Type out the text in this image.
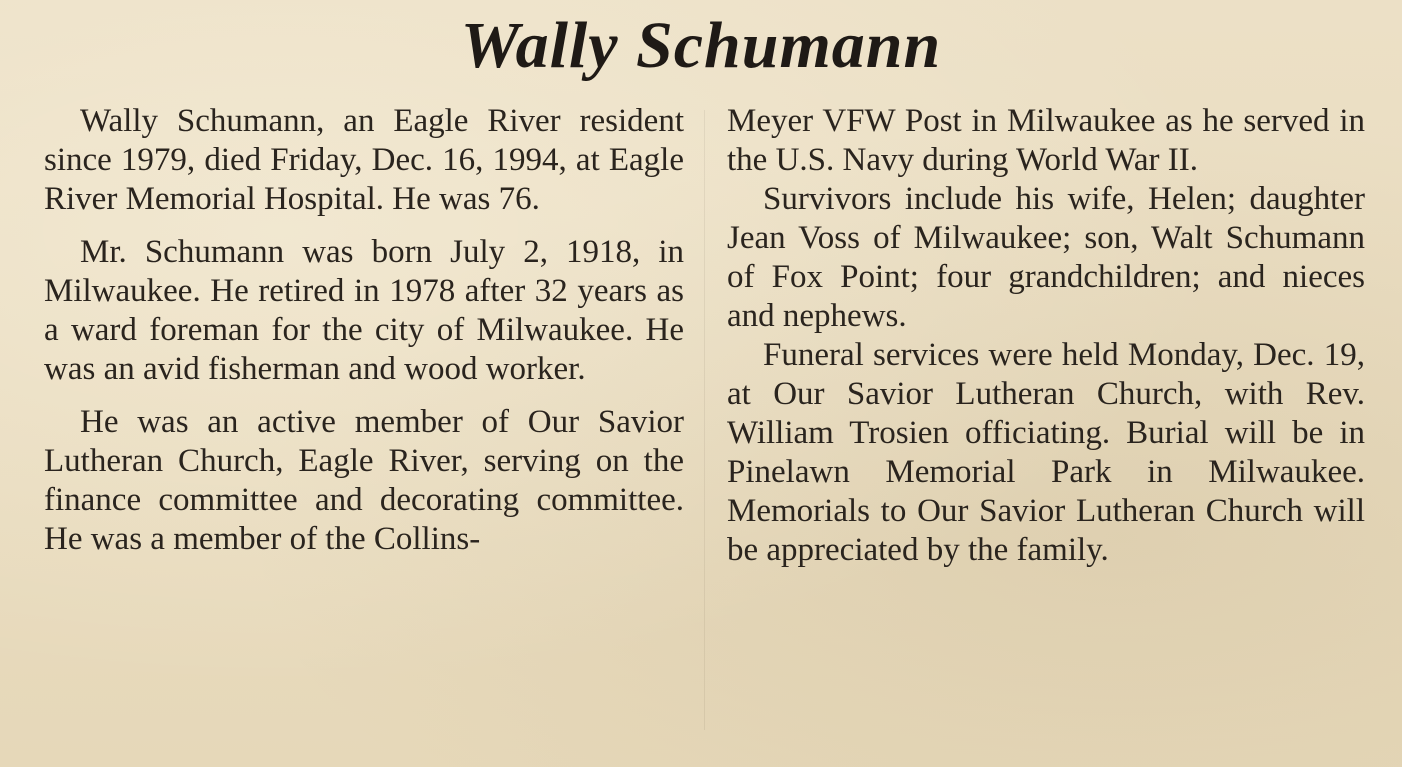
Wally Schumann

Wally Schumann, an Eagle River resident since 1979, died Friday, Dec. 16, 1994, at Eagle River Memorial Hospital. He was 76.

Mr. Schumann was born July 2, 1918, in Milwaukee. He retired in 1978 after 32 years as a ward foreman for the city of Milwaukee. He was an avid fisherman and wood worker.

He was an active member of Our Savior Lutheran Church, Eagle River, serving on the finance committee and decorating committee. He was a member of the Collins-

Meyer VFW Post in Milwaukee as he served in the U.S. Navy during World War II.

Survivors include his wife, Helen; daughter Jean Voss of Milwaukee; son, Walt Schumann of Fox Point; four grandchildren; and nieces and nephews.

Funeral services were held Monday, Dec. 19, at Our Savior Lutheran Church, with Rev. William Trosien officiating. Burial will be in Pinelawn Memorial Park in Milwaukee. Memorials to Our Savior Lutheran Church will be appreciated by the family.
